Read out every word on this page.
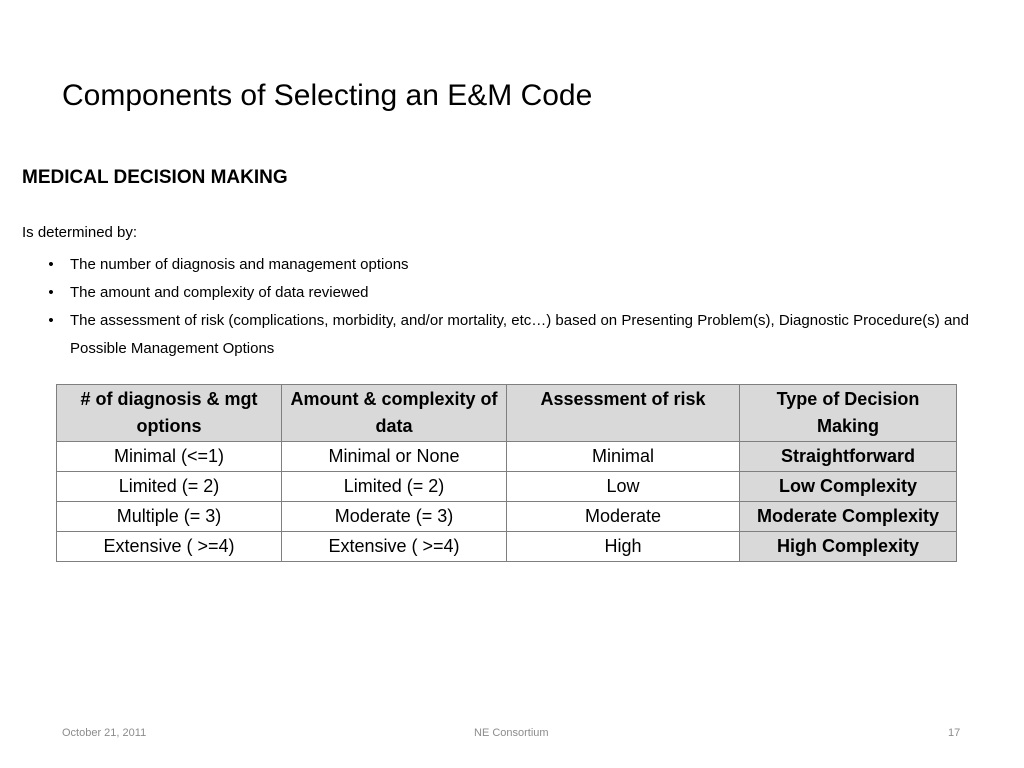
Components of Selecting an E&M Code
MEDICAL DECISION MAKING
Is determined by:
• The number of diagnosis and management options
• The amount and complexity of data reviewed
• The assessment of risk (complications, morbidity, and/or mortality, etc…) based on Presenting Problem(s), Diagnostic Procedure(s) and Possible Management Options
# of diagnosis & mgt options	Amount & complexity of data	Assessment of risk	Type of Decision Making
Minimal (<=1)	Minimal or None	Minimal	Straightforward
Limited (= 2)	Limited (= 2)	Low	Low Complexity
Multiple (= 3)	Moderate (= 3)	Moderate	Moderate Complexity
Extensive ( >=4)	Extensive ( >=4)	High	High Complexity
October 21, 2011	NE Consortium	17
